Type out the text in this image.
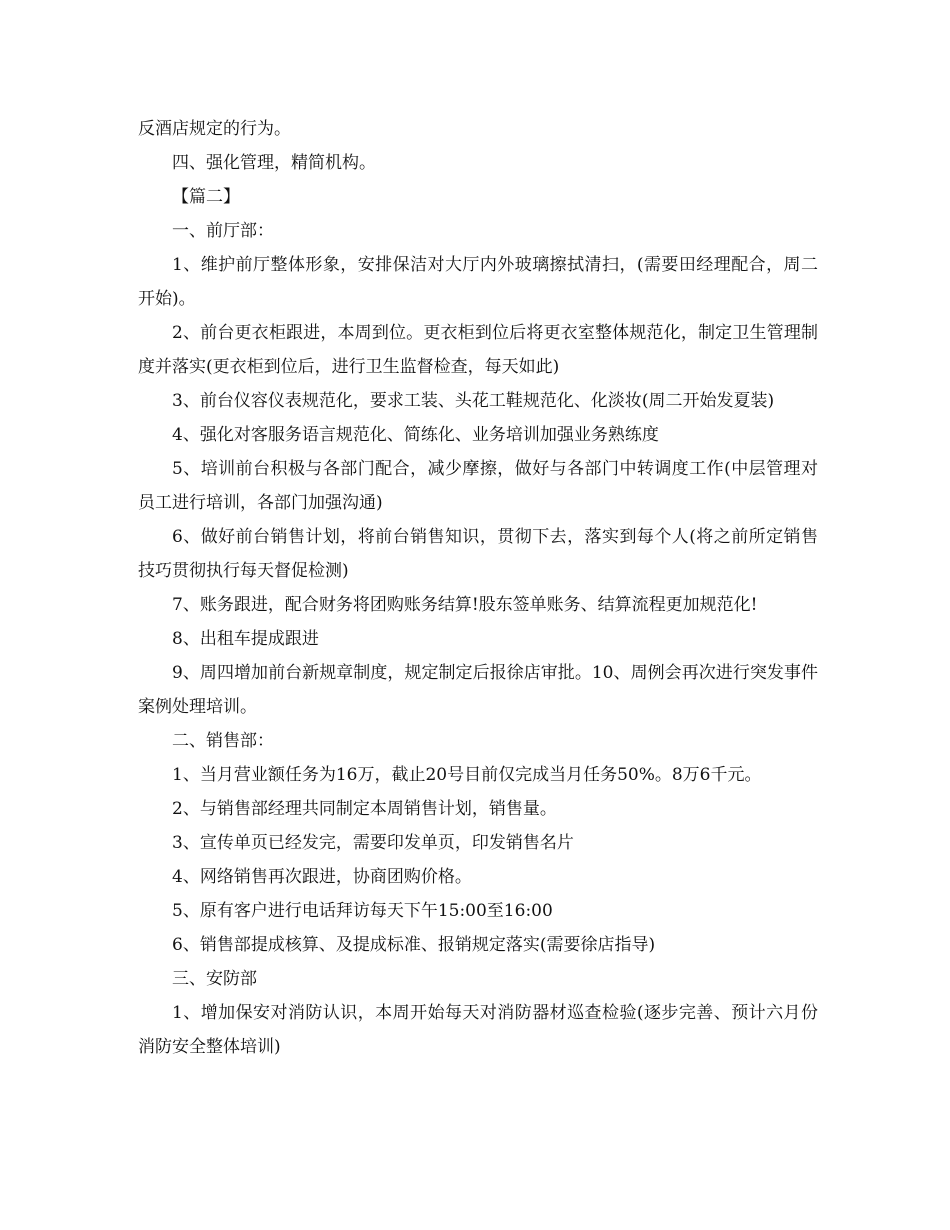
反酒店规定的行为。

四、强化管理，精简机构。

【篇二】

一、前厅部：

1、维护前厅整体形象，安排保洁对大厅内外玻璃擦拭清扫，(需要田经理配合，周二开始)。

2、前台更衣柜跟进，本周到位。更衣柜到位后将更衣室整体规范化，制定卫生管理制度并落实(更衣柜到位后，进行卫生监督检查，每天如此)

3、前台仪容仪表规范化，要求工装、头花工鞋规范化、化淡妆(周二开始发夏装)

4、强化对客服务语言规范化、简练化、业务培训加强业务熟练度

5、培训前台积极与各部门配合，减少摩擦，做好与各部门中转调度工作(中层管理对员工进行培训，各部门加强沟通)

6、做好前台销售计划，将前台销售知识，贯彻下去，落实到每个人(将之前所定销售技巧贯彻执行每天督促检测)

7、账务跟进，配合财务将团购账务结算!股东签单账务、结算流程更加规范化!

8、出租车提成跟进

9、周四增加前台新规章制度，规定制定后报徐店审批。10、周例会再次进行突发事件案例处理培训。

二、销售部：

1、当月营业额任务为16万，截止20号目前仅完成当月任务50%。8万6千元。

2、与销售部经理共同制定本周销售计划，销售量。

3、宣传单页已经发完，需要印发单页，印发销售名片

4、网络销售再次跟进，协商团购价格。

5、原有客户进行电话拜访每天下午15:00至16:00

6、销售部提成核算、及提成标准、报销规定落实(需要徐店指导)

三、安防部

1、增加保安对消防认识，本周开始每天对消防器材巡查检验(逐步完善、预计六月份消防安全整体培训)
